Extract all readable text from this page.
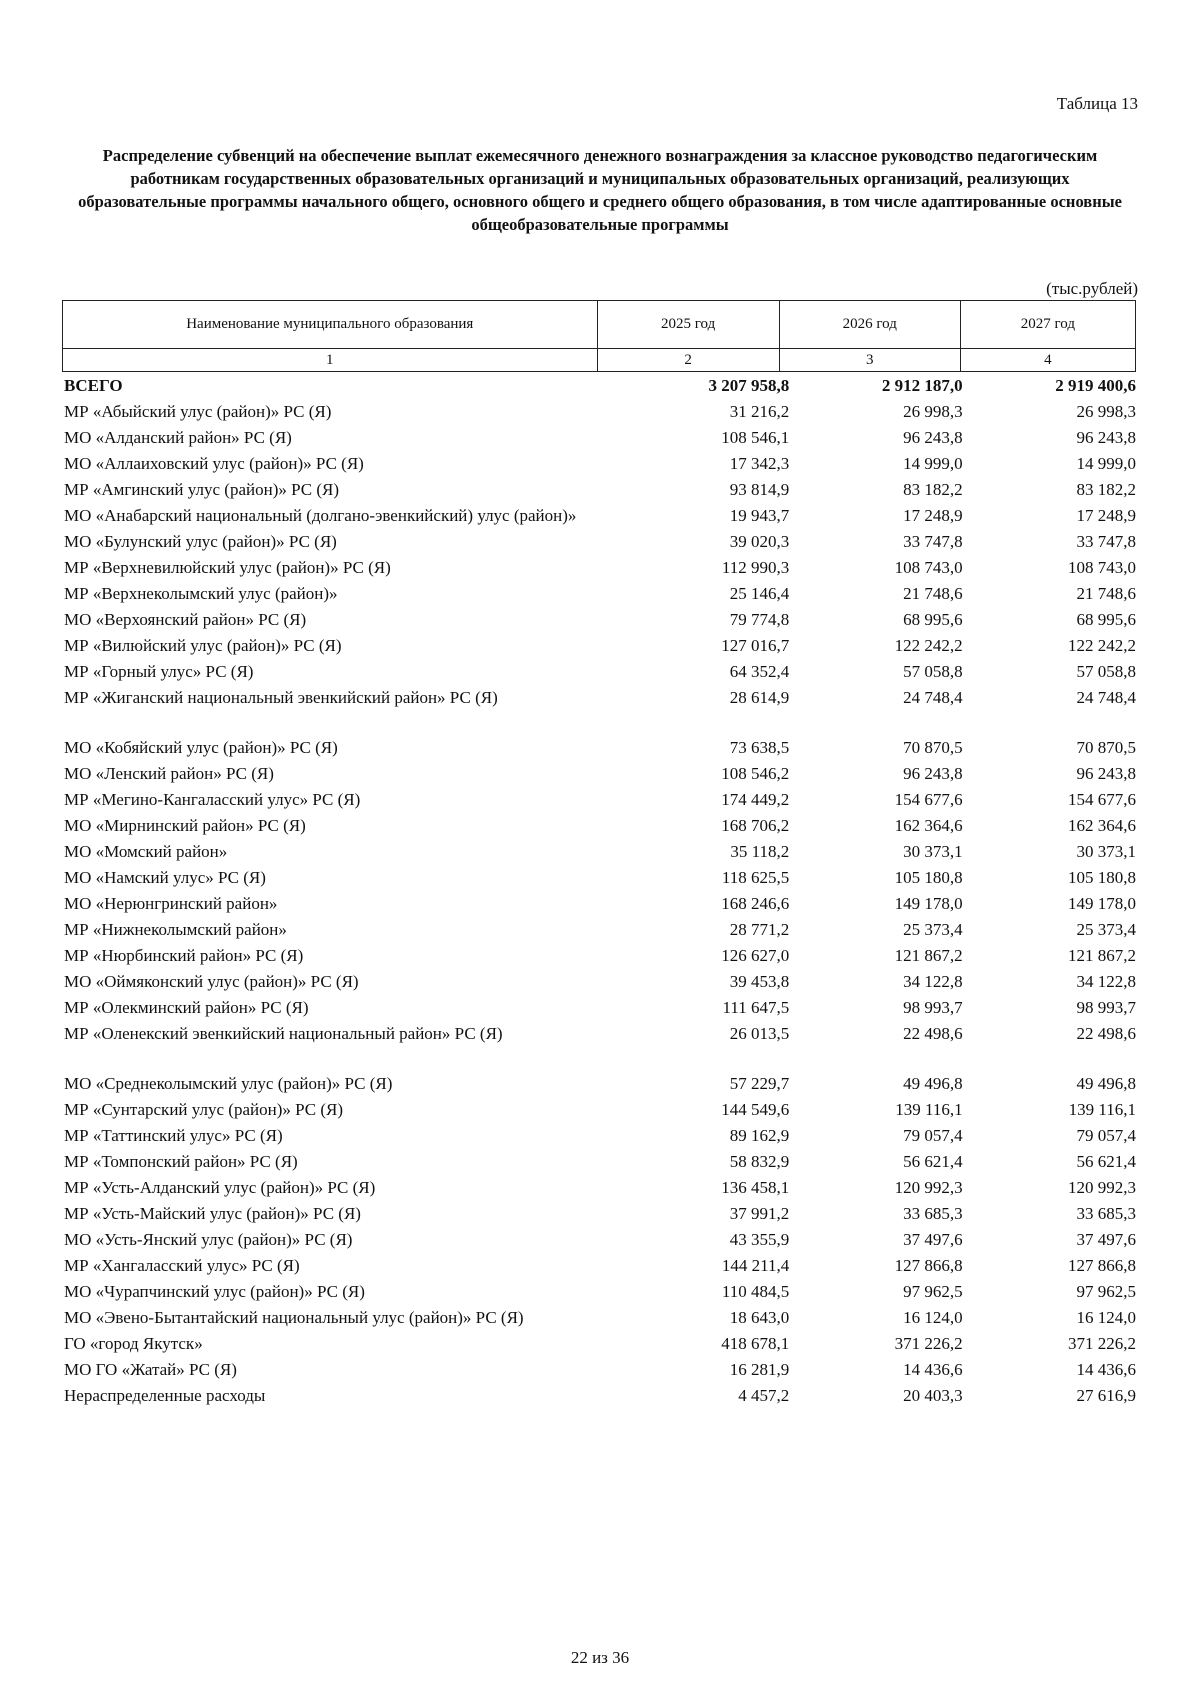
Таблица 13
Распределение субвенций на обеспечение выплат ежемесячного денежного вознаграждения за классное руководство педагогическим работникам государственных образовательных организаций и муниципальных образовательных организаций, реализующих образовательные программы начального общего, основного общего и среднего общего образования, в том числе адаптированные основные общеобразовательные программы
(тыс.рублей)
Наименование муниципального образования	2025 год	2026 год	2027 год
1	2	3	4
ВСЕГО	3 207 958,8	2 912 187,0	2 919 400,6
МР «Абыйский улус (район)» РС (Я)	31 216,2	26 998,3	26 998,3
МО «Алданский район» РС (Я)	108 546,1	96 243,8	96 243,8
МО «Аллаиховский улус (район)» РС (Я)	17 342,3	14 999,0	14 999,0
МР «Амгинский улус (район)» РС (Я)	93 814,9	83 182,2	83 182,2
МО «Анабарский национальный (долгано-эвенкийский) улус (район)»	19 943,7	17 248,9	17 248,9
МО «Булунский улус (район)» РС (Я)	39 020,3	33 747,8	33 747,8
МР «Верхневилюйский улус (район)» РС (Я)	112 990,3	108 743,0	108 743,0
МР «Верхнеколымский улус (район)»	25 146,4	21 748,6	21 748,6
МО «Верхоянский район» РС (Я)	79 774,8	68 995,6	68 995,6
МР «Вилюйский улус (район)» РС (Я)	127 016,7	122 242,2	122 242,2
МР «Горный улус» РС (Я)	64 352,4	57 058,8	57 058,8
МР «Жиганский национальный эвенкийский район» РС (Я)	28 614,9	24 748,4	24 748,4

МО «Кобяйский улус (район)» РС (Я)	73 638,5	70 870,5	70 870,5
МО «Ленский район» РС (Я)	108 546,2	96 243,8	96 243,8
МР «Мегино-Кангаласский улус» РС (Я)	174 449,2	154 677,6	154 677,6
МО «Мирнинский район» РС (Я)	168 706,2	162 364,6	162 364,6
МО «Момский район»	35 118,2	30 373,1	30 373,1
МО «Намский улус» РС (Я)	118 625,5	105 180,8	105 180,8
МО «Нерюнгринский район»	168 246,6	149 178,0	149 178,0
МР «Нижнеколымский район»	28 771,2	25 373,4	25 373,4
МР «Нюрбинский район» РС (Я)	126 627,0	121 867,2	121 867,2
МО «Оймяконский улус (район)» РС (Я)	39 453,8	34 122,8	34 122,8
МР «Олекминский район» РС (Я)	111 647,5	98 993,7	98 993,7
МР «Оленекский эвенкийский национальный район» РС (Я)	26 013,5	22 498,6	22 498,6

МО «Среднеколымский улус (район)» РС (Я)	57 229,7	49 496,8	49 496,8
МР «Сунтарский улус (район)» РС (Я)	144 549,6	139 116,1	139 116,1
МР «Таттинский улус» РС (Я)	89 162,9	79 057,4	79 057,4
МР «Томпонский район» РС (Я)	58 832,9	56 621,4	56 621,4
МР «Усть-Алданский улус (район)» РС (Я)	136 458,1	120 992,3	120 992,3
МР «Усть-Майский улус (район)» РС (Я)	37 991,2	33 685,3	33 685,3
МО «Усть-Янский улус (район)» РС (Я)	43 355,9	37 497,6	37 497,6
МР «Хангаласский улус» РС (Я)	144 211,4	127 866,8	127 866,8
МО «Чурапчинский улус (район)» РС (Я)	110 484,5	97 962,5	97 962,5
МО «Эвено-Бытантайский национальный улус (район)» РС (Я)	18 643,0	16 124,0	16 124,0
ГО «город Якутск»	418 678,1	371 226,2	371 226,2
МО ГО «Жатай» РС (Я)	16 281,9	14 436,6	14 436,6
Нераспределенные расходы	4 457,2	20 403,3	27 616,9
22 из 36
